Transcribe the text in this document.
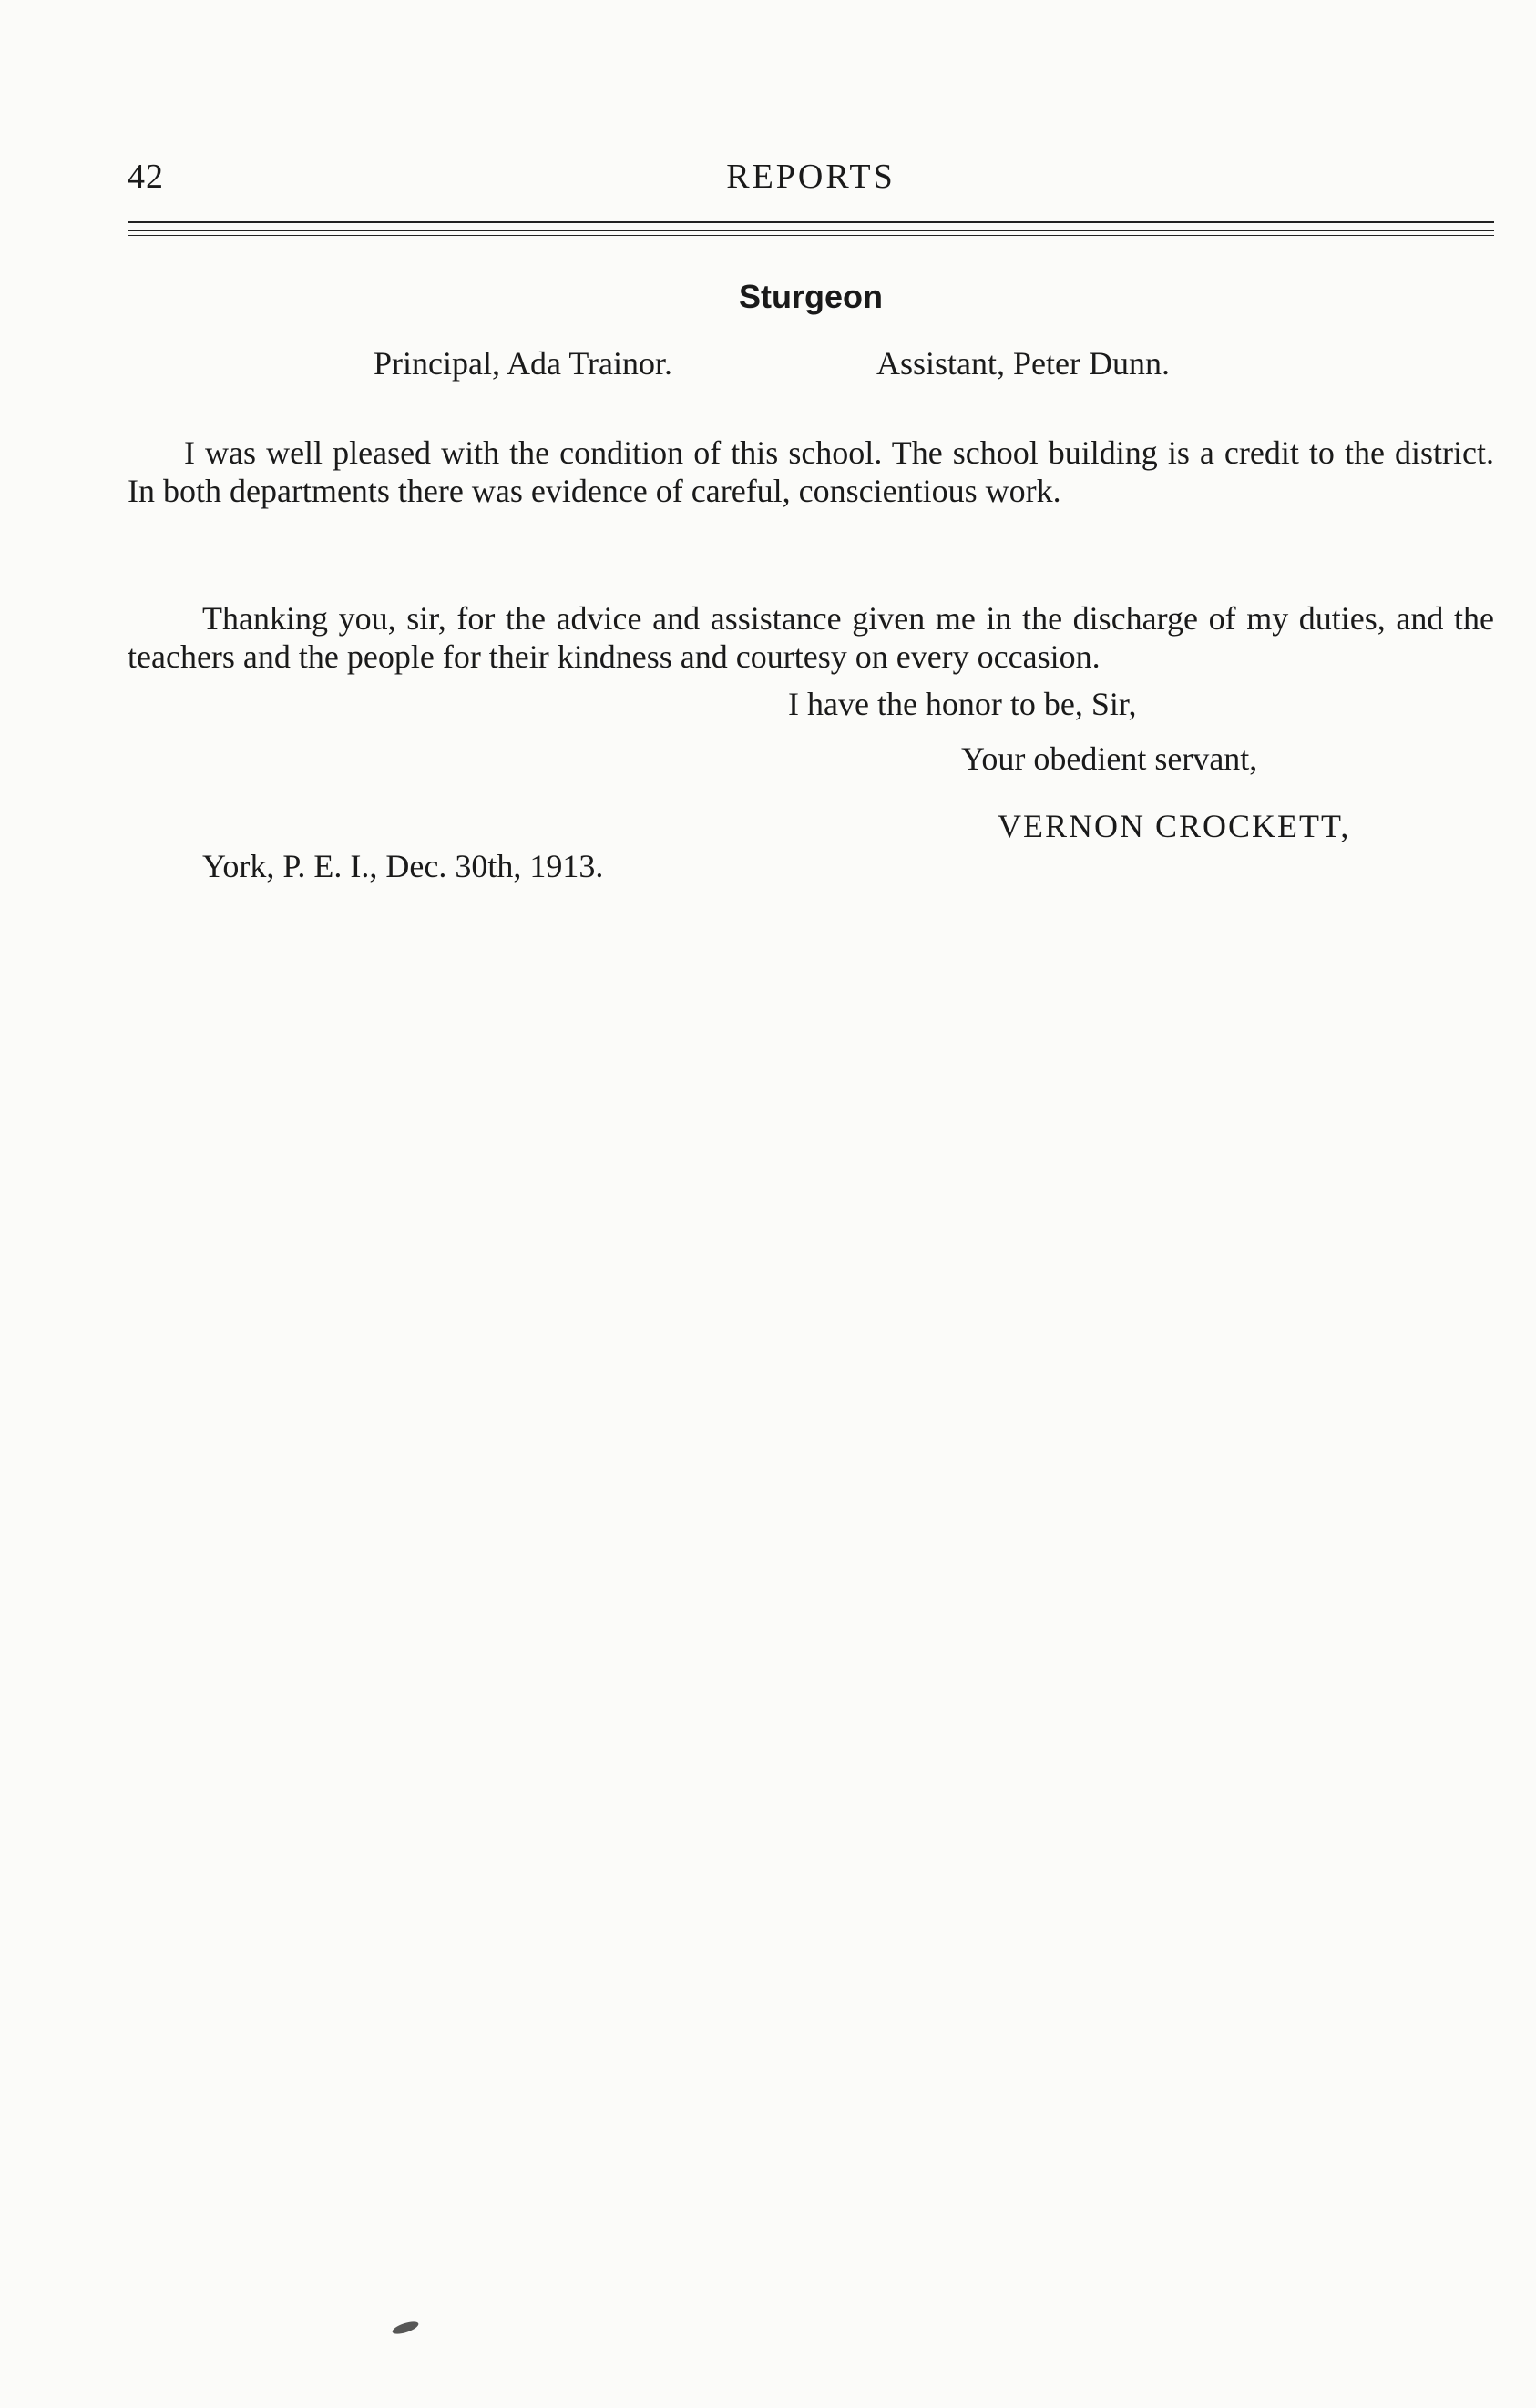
42	REPORTS
Sturgeon
Principal, Ada Trainor.	Assistant, Peter Dunn.

I was well pleased with the condition of this school. The school building is a credit to the district. In both departments there was evidence of careful, conscientious work.

Thanking you, sir, for the advice and assistance given me in the discharge of my duties, and the teachers and the people for their kindness and courtesy on every occasion.

I have the honor to be, Sir,
Your obedient servant,
VERNON CROCKETT,
York, P. E. I., Dec. 30th, 1913.
